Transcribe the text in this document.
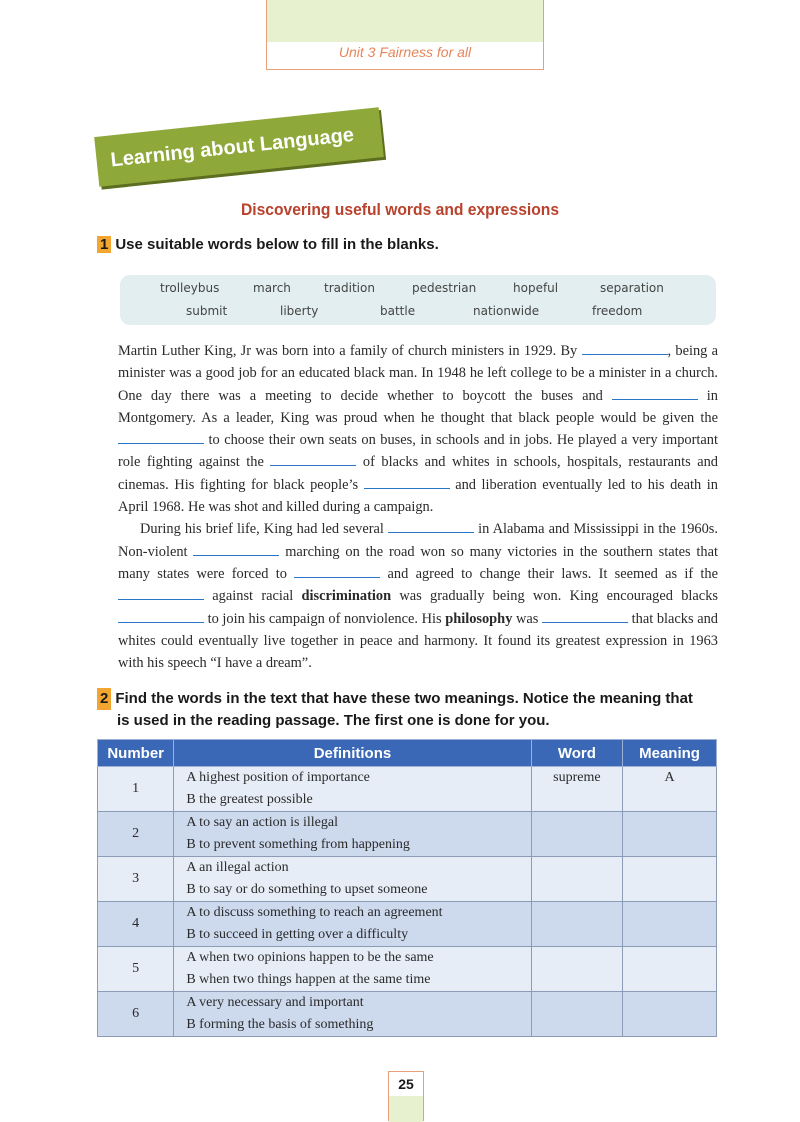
Unit 3 Fairness for all
Learning about Language
Discovering useful words and expressions
1 Use suitable words below to fill in the blanks.
trolleybus	march	tradition	pedestrian	hopeful	separation
submit	liberty	battle	nationwide	freedom

Martin Luther King, Jr was born into a family of church ministers in 1929. By	, being a minister was a good job for an educated black man. In 1948 he left college to be a minister in a church. One day there was a meeting to decide whether to boycott the buses and	in Montgomery. As a leader, King was proud when he thought that black people would be given the  to choose their own seats on buses, in schools and in jobs. He played a very important role fighting against the	of blacks and whites in schools, hospitals, restaurants and cinemas. His fighting for black people’s	and liberation eventually led to his death in April 1968. He was shot and killed during a campaign.

During his brief life, King had led several	in Alabama and Mississippi in the 1960s. Non-violent	marching on the road won so many victories in the southern states that many states were forced to	and agreed to change their laws. It seemed as if the  against racial discrimination was gradually being won. King encouraged blacks  to join his campaign of nonviolence. His philosophy was	that blacks and whites could eventually live together in peace and harmony. It found its greatest expression in 1963 with his speech “I have a dream”.

2 Find the words in the text that have these two meanings. Notice the meaning that
is used in the reading passage. The first one is done for you.
Number	Definitions	Word	Meaning
1	A highest position of importance
B the greatest possible	supreme	A
2	A to say an action is illegal
B to prevent something from happening		

3	A an illegal action
B to say or do something to upset someone		

4	A to discuss something to reach an agreement
B to succeed in getting over a difficulty		

5	A when two opinions happen to be the same
B when two things happen at the same time		

6	A very necessary and important
B forming the basis of something		

25
